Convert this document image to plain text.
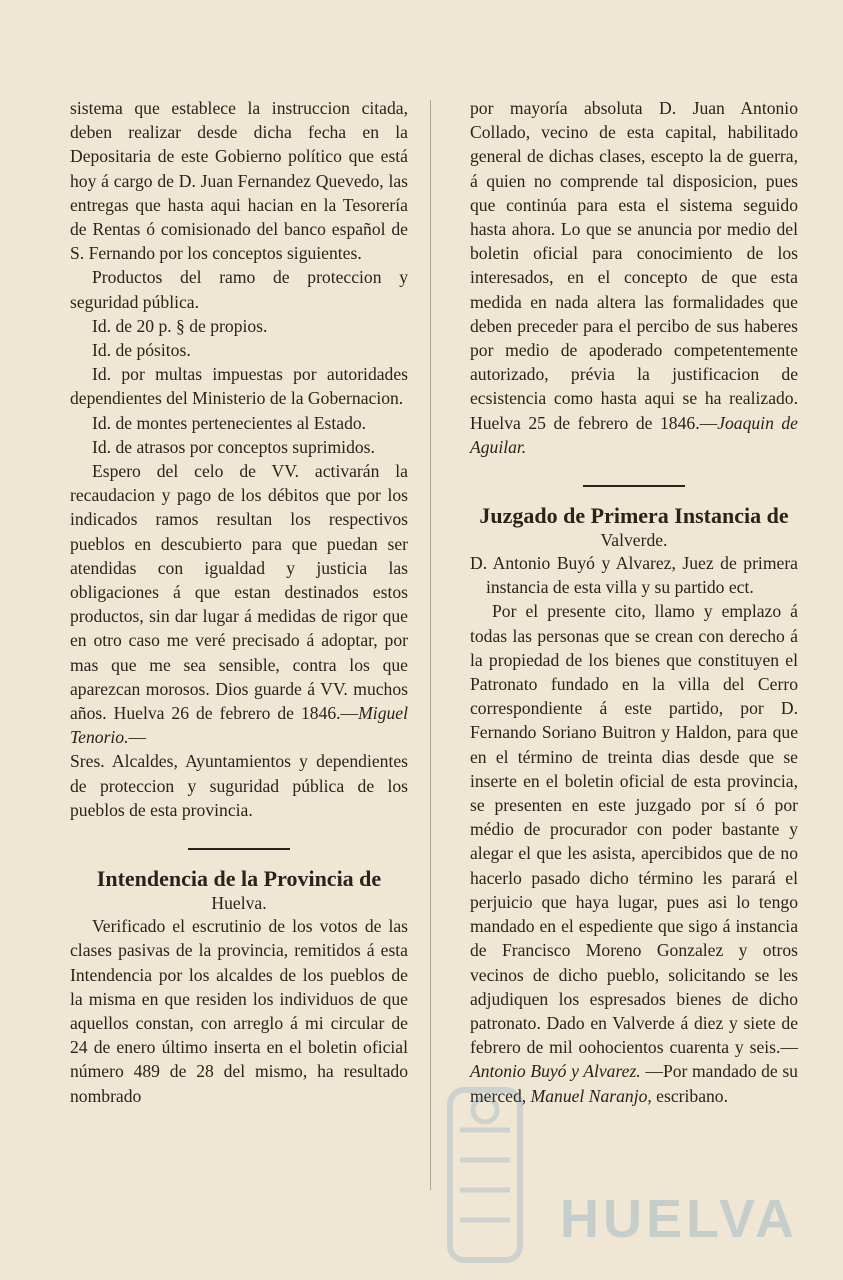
sistema que establece la instruccion citada, deben realizar desde dicha fecha en la Depositaria de este Gobierno político que está hoy á cargo de D. Juan Fernandez Quevedo, las entregas que hasta aqui hacian en la Tesorería de Rentas ó comisionado del banco español de S. Fernando por los conceptos siguientes.

Productos del ramo de proteccion y seguridad pública.

Id. de 20 p. § de propios.

Id. de pósitos.

Id. por multas impuestas por autoridades dependientes del Ministerio de la Gobernacion.

Id. de montes pertenecientes al Estado.

Id. de atrasos por conceptos suprimidos.

Espero del celo de VV. activarán la recaudacion y pago de los débitos que por los indicados ramos resultan los respectivos pueblos en descubierto para que puedan ser atendidas con igualdad y justicia las obligaciones á que estan destinados estos productos, sin dar lugar á medidas de rigor que en otro caso me veré precisado á adoptar, por mas que me sea sensible, contra los que aparezcan morosos. Dios guarde á VV. muchos años. Huelva 26 de febrero de 1846.—Miguel Tenorio.—

Sres. Alcaldes, Ayuntamientos y dependientes de proteccion y suguridad pública de los pueblos de esta provincia.

Intendencia de la Provincia de

Huelva.

Verificado el escrutinio de los votos de las clases pasivas de la provincia, remitidos á esta Intendencia por los alcaldes de los pueblos de la misma en que residen los individuos de que aquellos constan, con arreglo á mi circular de 24 de enero último inserta en el boletin oficial número 489 de 28 del mismo, ha resultado nombrado

por mayoría absoluta D. Juan Antonio Collado, vecino de esta capital, habilitado general de dichas clases, escepto la de guerra, á quien no comprende tal disposicion, pues que continúa para esta el sistema seguido hasta ahora. Lo que se anuncia por medio del boletin oficial para conocimiento de los interesados, en el concepto de que esta medida en nada altera las formalidades que deben preceder para el percibo de sus haberes por medio de apoderado competentemente autorizado, prévia la justificacion de ecsistencia como hasta aqui se ha realizado. Huelva 25 de febrero de 1846.—Joaquin de Aguilar.

Juzgado de Primera Instancia de

Valverde.

D. Antonio Buyó y Alvarez, Juez de primera instancia de esta villa y su partido ect.

Por el presente cito, llamo y emplazo á todas las personas que se crean con derecho á la propiedad de los bienes que constituyen el Patronato fundado en la villa del Cerro correspondiente á este partido, por D. Fernando Soriano Buitron y Haldon, para que en el término de treinta dias desde que se inserte en el boletin oficial de esta provincia, se presenten en este juzgado por sí ó por médio de procurador con poder bastante y alegar el que les asista, apercibidos que de no hacerlo pasado dicho término les parará el perjuicio que haya lugar, pues asi lo tengo mandado en el espediente que sigo á instancia de Francisco Moreno Gonzalez y otros vecinos de dicho pueblo, solicitando se les adjudiquen los espresados bienes de dicho patronato. Dado en Valverde á diez y siete de febrero de mil oohocientos cuarenta y seis.—Antonio Buyó y Alvarez. —Por mandado de su merced, Manuel Naranjo, escribano.

HUELVA
